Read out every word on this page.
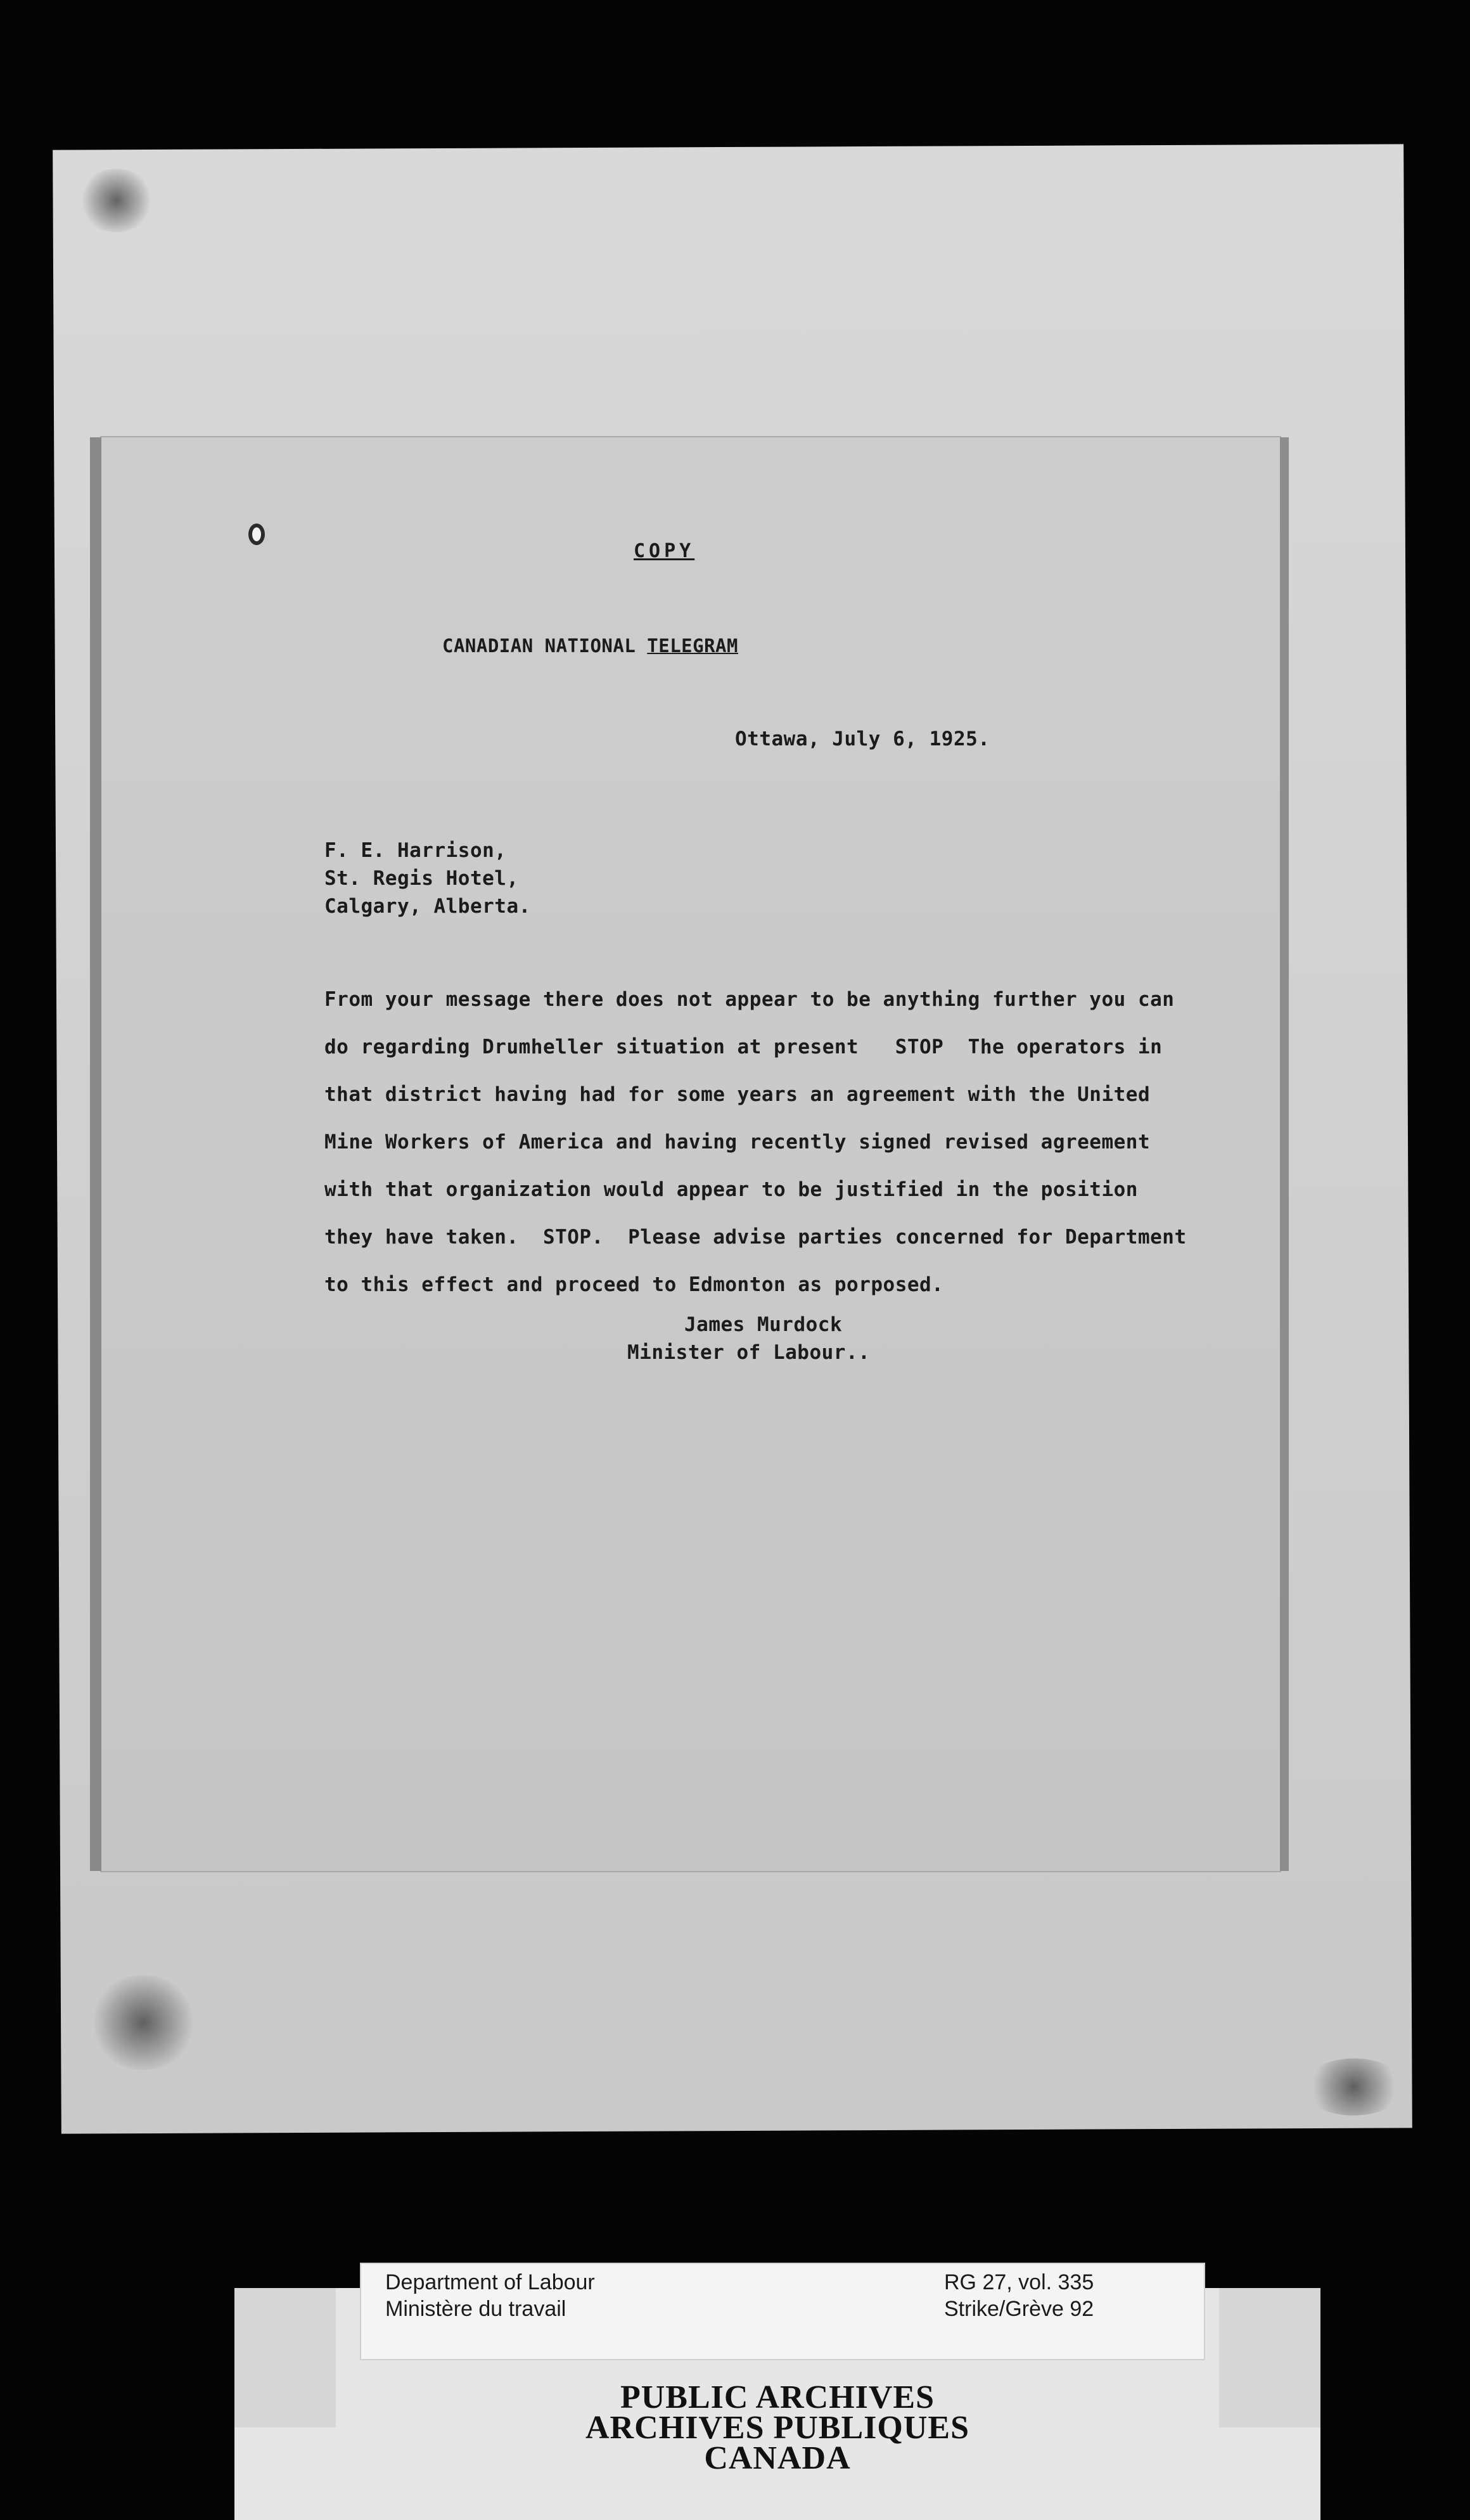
COPY
CANADIAN NATIONAL TELEGRAM
Ottawa, July 6, 1925.
F. E. Harrison,
St. Regis Hotel,
Calgary, Alberta.
From your message there does not appear to be anything further you can
do regarding Drumheller situation at present   STOP  The operators in
that district having had for some years an agreement with the United
Mine Workers of America and having recently signed revised agreement
with that organization would appear to be justified in the position
they have taken.  STOP.  Please advise parties concerned for Department
to this effect and proceed to Edmonton as porposed.
James Murdock
Minister of Labour..
Department of Labour
Ministère du travail
RG 27, vol. 335
Strike/Grève 92
PUBLIC ARCHIVES
ARCHIVES PUBLIQUES
CANADA
